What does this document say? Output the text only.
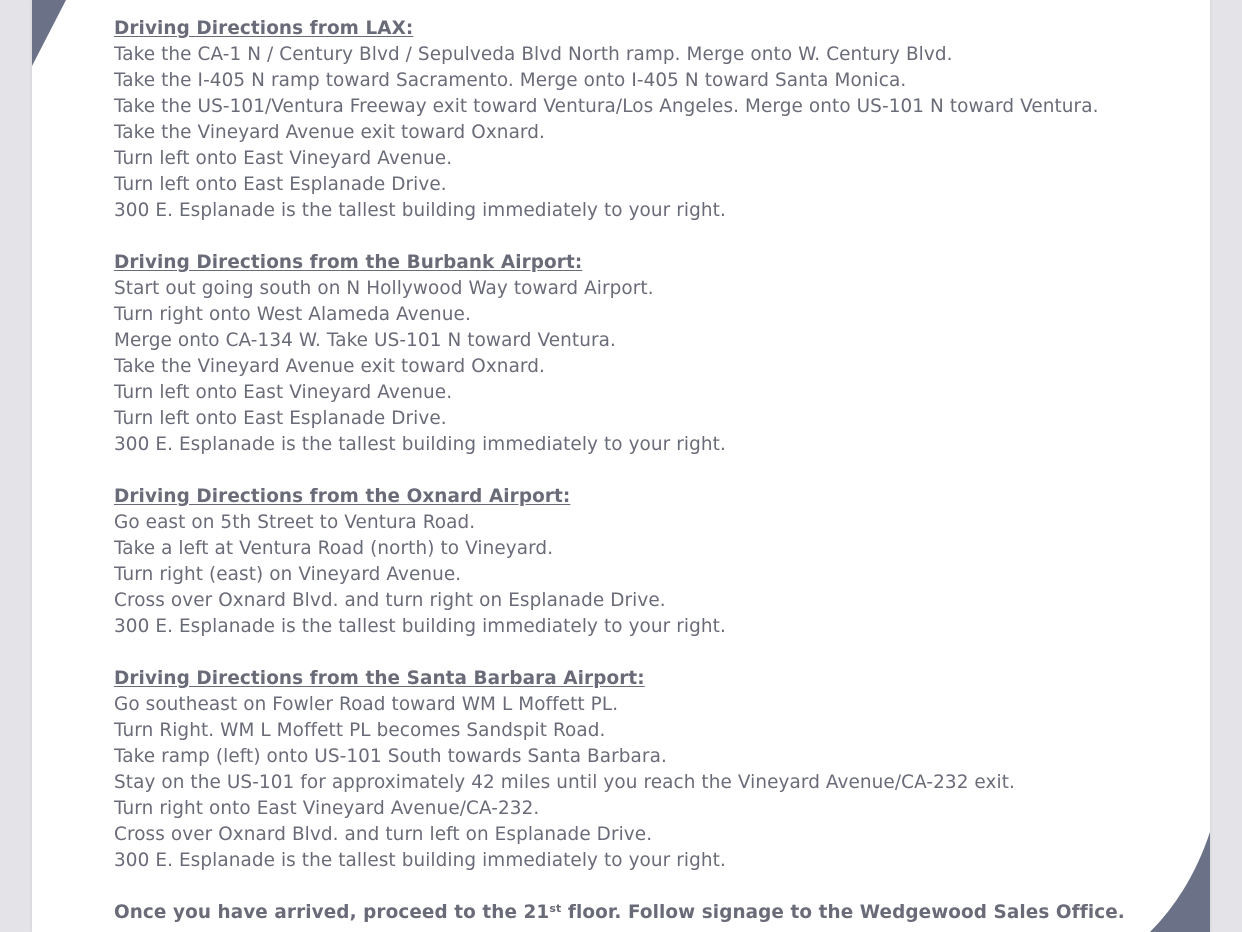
Driving Directions from LAX:
Take the CA-1 N / Century Blvd / Sepulveda Blvd North ramp. Merge onto W. Century Blvd.
Take the I-405 N ramp toward Sacramento. Merge onto I-405 N toward Santa Monica.
Take the US-101/Ventura Freeway exit toward Ventura/Los Angeles. Merge onto US-101 N toward Ventura.
Take the Vineyard Avenue exit toward Oxnard.
Turn left onto East Vineyard Avenue.
Turn left onto East Esplanade Drive.
300 E. Esplanade is the tallest building immediately to your right.
Driving Directions from the Burbank Airport:
Start out going south on N Hollywood Way toward Airport.
Turn right onto West Alameda Avenue.
Merge onto CA-134 W. Take US-101 N toward Ventura.
Take the Vineyard Avenue exit toward Oxnard.
Turn left onto East Vineyard Avenue.
Turn left onto East Esplanade Drive.
300 E. Esplanade is the tallest building immediately to your right.
Driving Directions from the Oxnard Airport:
Go east on 5th Street to Ventura Road.
Take a left at Ventura Road (north) to Vineyard.
Turn right (east) on Vineyard Avenue.
Cross over Oxnard Blvd. and turn right on Esplanade Drive.
300 E. Esplanade is the tallest building immediately to your right.
Driving Directions from the Santa Barbara Airport:
Go southeast on Fowler Road toward WM L Moffett PL.
Turn Right. WM L Moffett PL becomes Sandspit Road.
Take ramp (left) onto US-101 South towards Santa Barbara.
Stay on the US-101 for approximately 42 miles until you reach the Vineyard Avenue/CA-232 exit.
Turn right onto East Vineyard Avenue/CA-232.
Cross over Oxnard Blvd. and turn left on Esplanade Drive.
300 E. Esplanade is the tallest building immediately to your right.
Once you have arrived, proceed to the 21st floor. Follow signage to the Wedgewood Sales Office.
